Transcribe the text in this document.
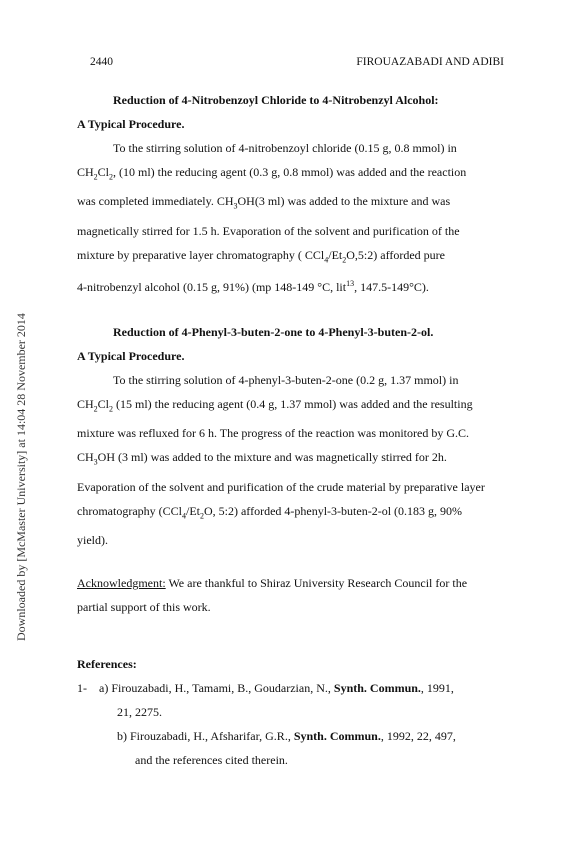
2440	FIROUAZABADI AND ADIBI
Downloaded by [McMaster University] at 14:04 28 November 2014

Reduction of 4-Nitrobenzoyl Chloride to 4-Nitrobenzyl Alcohol:

A Typical Procedure.

To the stirring solution of 4-nitrobenzoyl chloride (0.15 g, 0.8 mmol) in

$CH_2Cl_2$, (10 ml) the reducing agent (0.3 g, 0.8 mmol) was added and the reaction

was completed immediately. $CH_3OH(3$ ml) was added to the mixture and was

magnetically stirred for 1.5 h. Evaporation of the solvent and purification of the

mixture by preparative layer chromatography ( $CCl_4/Et_2O,5:2$) afforded pure

4-nitrobenzyl alcohol (0.15 g, 91%) (mp 148-149 °C, lit$^{13}$, 147.5-149°C).

Reduction of 4-Phenyl-3-buten-2-one to 4-Phenyl-3-buten-2-ol.

A Typical Procedure.

To the stirring solution of 4-phenyl-3-buten-2-one (0.2 g, 1.37 mmol) in

$CH_2Cl_2$ (15 ml) the reducing agent (0.4 g, 1.37 mmol) was added and the resulting

mixture was refluxed for 6 h. The progress of the reaction was monitored by G.C.

$CH_3OH$ (3 ml) was added to the mixture and was magnetically stirred for 2h.

Evaporation of the solvent and purification of the crude material by preparative layer

chromatography ($CCl_4/Et_2O$, 5:2) afforded 4-phenyl-3-buten-2-ol (0.183 g, 90%

yield).

Acknowledgment: We are thankful to Shiraz University Research Council for the

partial support of this work.

References:

1-	a) Firouzabadi, H., Tamami, B., Goudarzian, N., Synth. Commun., 1991,
21, 2275.
b) Firouzabadi, H., Afsharifar, G.R., Synth. Commun., 1992, 22, 497,
and the references cited therein.
